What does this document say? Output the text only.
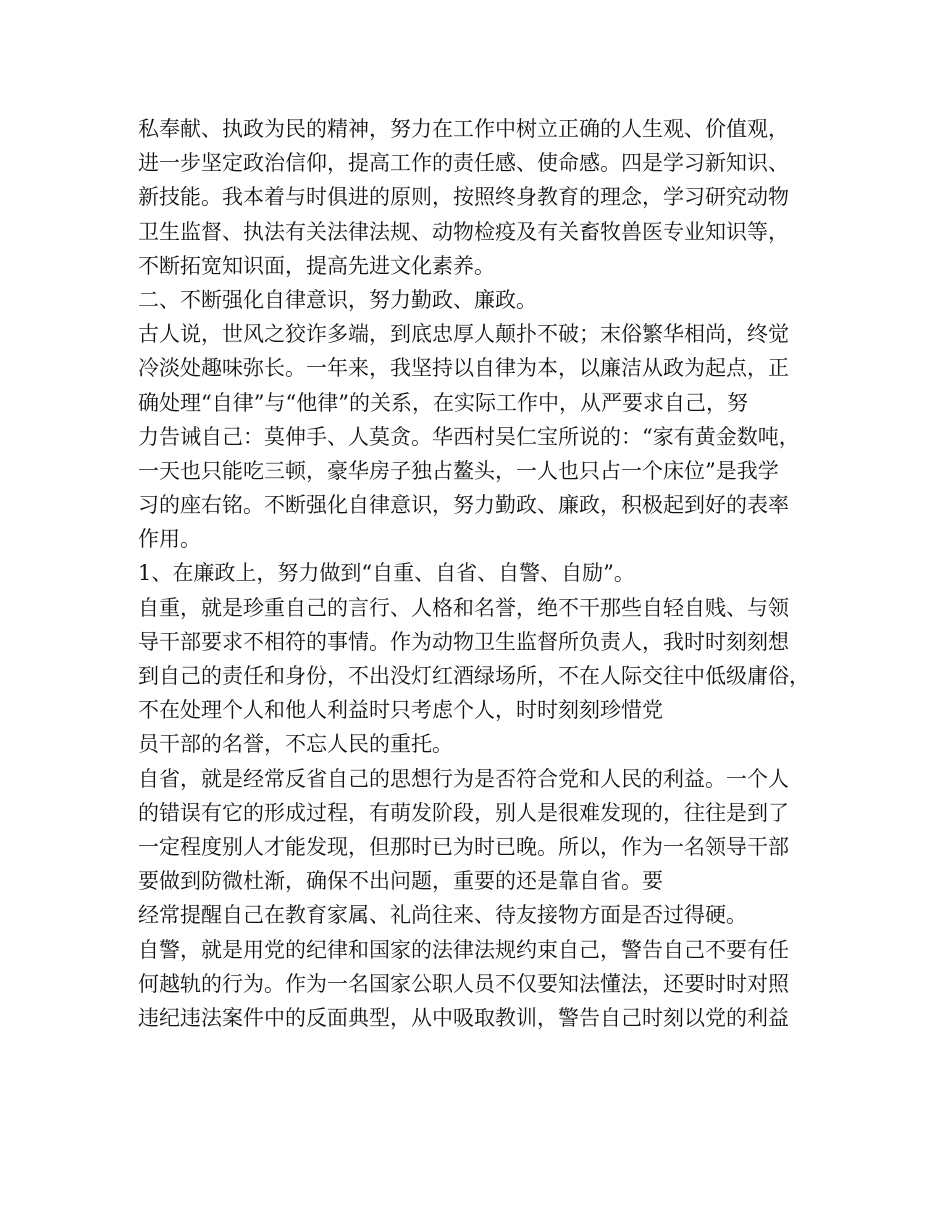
私奉献、执政为民的精神，努力在工作中树立正确的人生观、价值观，
进一步坚定政治信仰，提高工作的责任感、使命感。四是学习新知识、
新技能。我本着与时俱进的原则，按照终身教育的理念，学习研究动物
卫生监督、执法有关法律法规、动物检疫及有关畜牧兽医专业知识等，
不断拓宽知识面，提高先进文化素养。
二、不断强化自律意识，努力勤政、廉政。
古人说，世风之狡诈多端，到底忠厚人颠扑不破；末俗繁华相尚，终觉
冷淡处趣味弥长。一年来，我坚持以自律为本，以廉洁从政为起点，正
确处理“自律”与“他律”的关系，在实际工作中，从严要求自己，努
力告诫自己：莫伸手、人莫贪。华西村吴仁宝所说的：“家有黄金数吨，
一天也只能吃三顿，豪华房子独占鳌头，一人也只占一个床位”是我学
习的座右铭。不断强化自律意识，努力勤政、廉政，积极起到好的表率
作用。
1、在廉政上，努力做到“自重、自省、自警、自励”。
自重，就是珍重自己的言行、人格和名誉，绝不干那些自轻自贱、与领
导干部要求不相符的事情。作为动物卫生监督所负责人，我时时刻刻想
到自己的责任和身份，不出没灯红酒绿场所，不在人际交往中低级庸俗，
不在处理个人和他人利益时只考虑个人，时时刻刻珍惜党
员干部的名誉，不忘人民的重托。
自省，就是经常反省自己的思想行为是否符合党和人民的利益。一个人
的错误有它的形成过程，有萌发阶段，别人是很难发现的，往往是到了
一定程度别人才能发现，但那时已为时已晚。所以，作为一名领导干部
要做到防微杜渐，确保不出问题，重要的还是靠自省。要
经常提醒自己在教育家属、礼尚往来、待友接物方面是否过得硬。
自警，就是用党的纪律和国家的法律法规约束自己，警告自己不要有任
何越轨的行为。作为一名国家公职人员不仅要知法懂法，还要时时对照
违纪违法案件中的反面典型，从中吸取教训，警告自己时刻以党的利益
